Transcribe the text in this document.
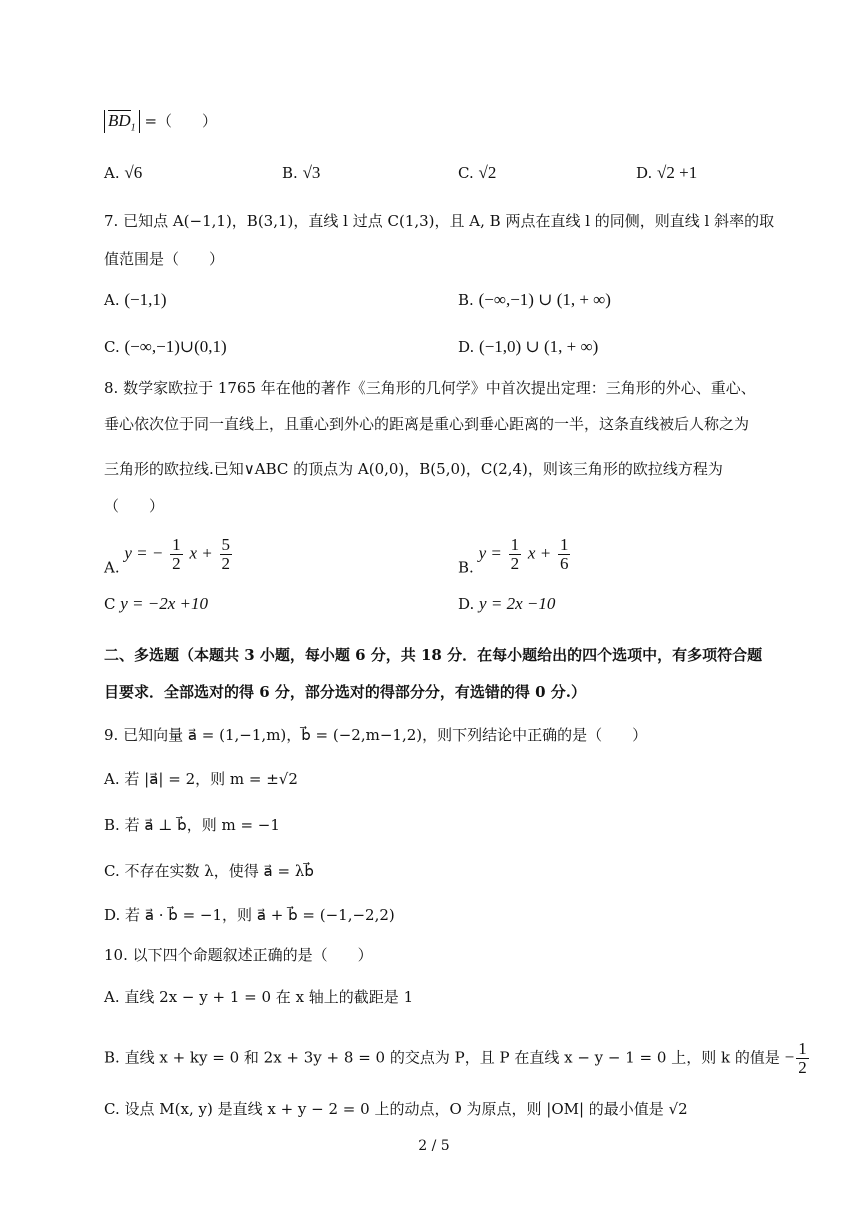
$BD_1$ =（　　）
A. √6	B. √3	C. √2	D. √2 +1
7. 已知点 A(−1,1)，B(3,1)，直线 l 过点 C(1,3)，且 A, B 两点在直线 l 的同侧，则直线 l 斜率的取
值范围是（　　）
A. (−1,1)	B. (−∞,−1) ∪ (1, + ∞)
C. (−∞,−1)∪(0,1)	D. (−1,0) ∪ (1, + ∞)
8. 数学家欧拉于 1765 年在他的著作《三角形的几何学》中首次提出定理：三角形的外心、重心、
垂心依次位于同一直线上，且重心到外心的距离是重心到垂心距离的一半，这条直线被后人称之为
三角形的欧拉线.已知∨ABC 的顶点为 A(0,0)，B(5,0)，C(2,4)，则该三角形的欧拉线方程为
（　　）
A. y = − $\frac{1}{2}$ $x + \frac{5}{2}$	B. $y = \frac{1}{2}$ $x + \frac{1}{6}$
C y = −2x +10	D. y = 2x −10
二、多选题（本题共 3 小题，每小题 6 分，共 18 分．在每小题给出的四个选项中，有多项符合题
目要求．全部选对的得 6 分，部分选对的得部分分，有选错的得 0 分.）
9. 已知向量 a⃗ = (1,−1,m)，b⃗ = (−2,m−1,2)，则下列结论中正确的是（　　）
A. 若 |a⃗| = 2，则 m = ±√2
B. 若 a⃗ ⊥ b⃗，则 m = −1
C. 不存在实数 λ，使得 a⃗ = λb⃗
D. 若 a⃗ · b⃗ = −1，则 a⃗ + b⃗ = (−1,−2,2)
10. 以下四个命题叙述正确的是（　　）
A. 直线 2x − y + 1 = 0 在 x 轴上的截距是 1
B. 直线 x + ky = 0 和 2x + 3y + 8 = 0 的交点为 P，且 P 在直线 x − y − 1 = 0 上，则 k 的值是 − $\frac{1}{2}$
C. 设点 M(x, y) 是直线 x + y − 2 = 0 上的动点，O 为原点，则 |OM| 的最小值是 √2
2 / 5
